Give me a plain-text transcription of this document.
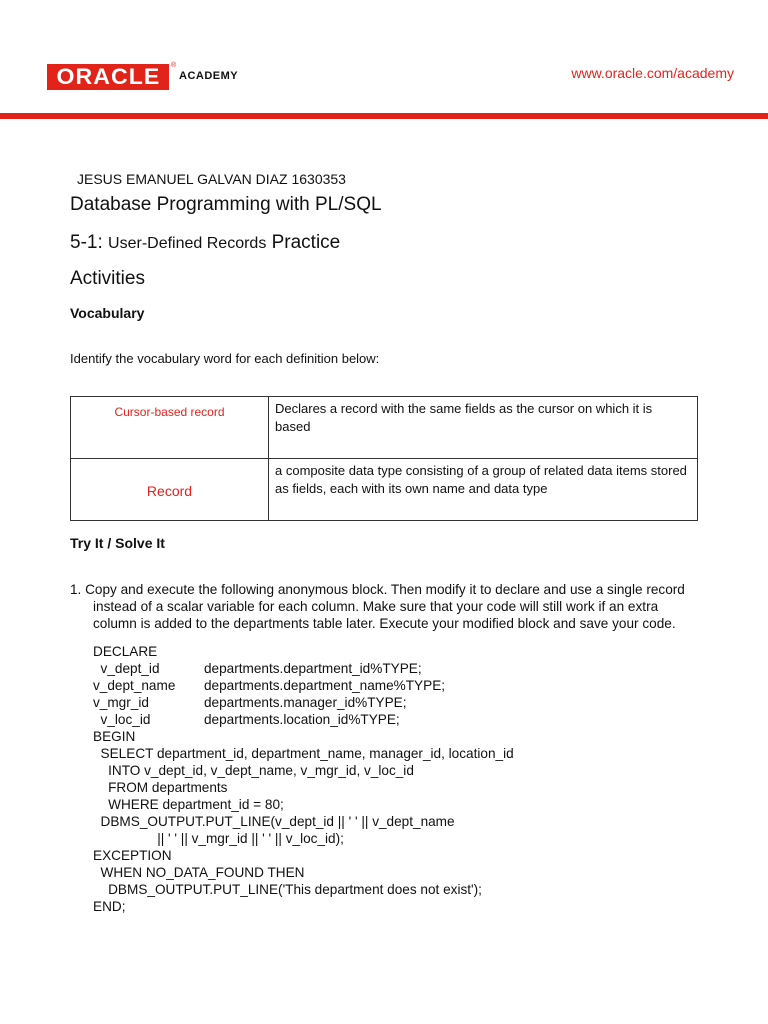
ORACLE ®
ACADEMY	www.oracle.com/academy
JESUS EMANUEL GALVAN DIAZ 1630353
Database Programming with PL/SQL
5-1: User-Defined Records Practice
Activities
Vocabulary
Identify the vocabulary word for each definition below:
Cursor-based record	Declares a record with the same fields as the cursor on which it is based
Record	a composite data type consisting of a group of related data items stored as fields, each with its own name and data type
Try It / Solve It
1. Copy and execute the following anonymous block. Then modify it to declare and use a single record
instead of a scalar variable for each column. Make sure that your code will still work if an extra
column is added to the departments table later. Execute your modified block and save your code.
DECLARE
v_dept_id	departments.department_id%TYPE;
v_dept_name departments.department_name%TYPE;
v_mgr_id	departments.manager_id%TYPE;
v_loc_id	departments.location_id%TYPE;
BEGIN
SELECT department_id, department_name, manager_id, location_id
INTO v_dept_id, v_dept_name, v_mgr_id, v_loc_id
FROM departments
WHERE department_id = 80;
DBMS_OUTPUT.PUT_LINE(v_dept_id || ' ' || v_dept_name
|| ' ' || v_mgr_id || ' ' || v_loc_id);
EXCEPTION
WHEN NO_DATA_FOUND THEN
DBMS_OUTPUT.PUT_LINE('This department does not exist');
END;
